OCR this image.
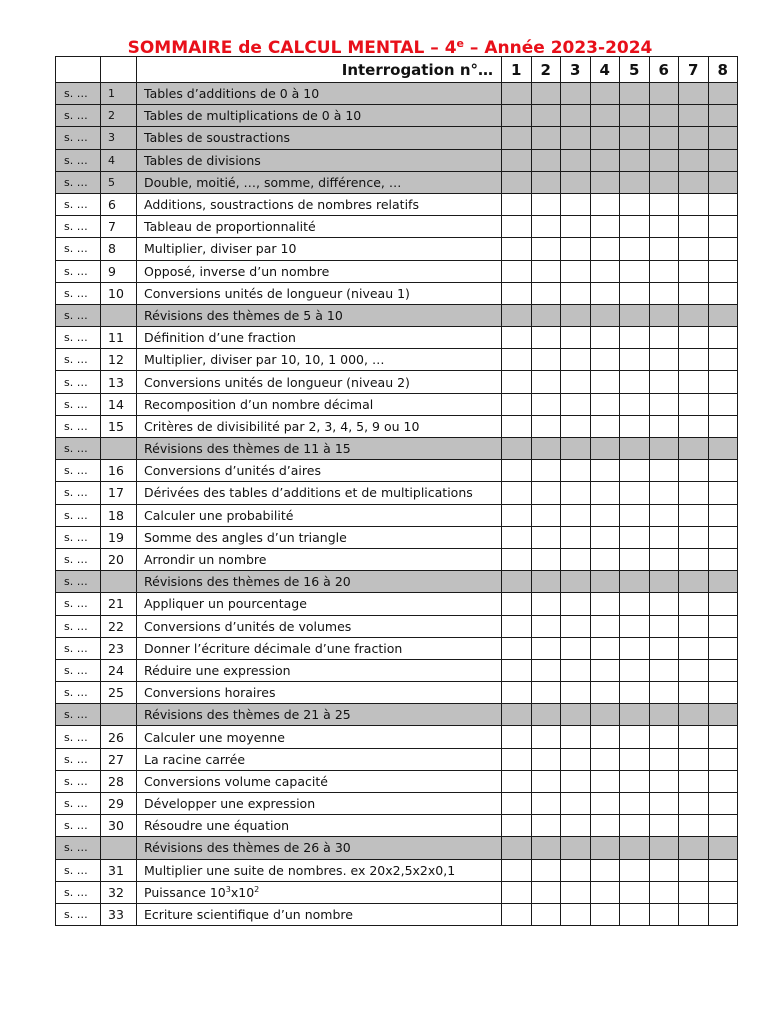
SOMMAIRE de CALCUL MENTAL – 4e – Année 2023-2024
		Interrogation n°…	1	2	3	4	5	6	7	8
s. …	1	Tables d’additions de 0 à 10								
s. …	2	Tables de multiplications de 0 à 10								
s. …	3	Tables de soustractions								
s. …	4	Tables de divisions								
s. …	5	Double, moitié, …, somme, différence, …								
s. …	6	Additions, soustractions de nombres relatifs								
s. …	7	Tableau de proportionnalité								
s. …	8	Multiplier, diviser par 10								
s. …	9	Opposé, inverse d’un nombre								
s. …	10	Conversions unités de longueur (niveau 1)								
s. …		Révisions des thèmes de 5 à 10								
s. …	11	Définition d’une fraction								
s. …	12	Multiplier, diviser par 10, 10, 1 000, …								
s. …	13	Conversions unités de longueur (niveau 2)								
s. …	14	Recomposition d’un nombre décimal								
s. …	15	Critères de divisibilité par 2, 3, 4, 5, 9 ou 10								
s. …		Révisions des thèmes de 11 à 15								
s. …	16	Conversions d’unités d’aires								
s. …	17	Dérivées des tables d’additions et de multiplications								
s. …	18	Calculer une probabilité								
s. …	19	Somme des angles d’un triangle								
s. …	20	Arrondir un nombre								
s. …		Révisions des thèmes de 16 à 20								
s. …	21	Appliquer un pourcentage								
s. …	22	Conversions d’unités de volumes								
s. …	23	Donner l’écriture décimale d’une fraction								
s. …	24	Réduire une expression								
s. …	25	Conversions horaires								
s. …		Révisions des thèmes de 21 à 25								
s. …	26	Calculer une moyenne								
s. …	27	La racine carrée								
s. …	28	Conversions volume capacité								
s. …	29	Développer une expression								
s. …	30	Résoudre une équation								
s. …		Révisions des thèmes de 26 à 30								
s. …	31	Multiplier une suite de nombres. ex 20x2,5x2x0,1								
s. …	32	Puissance $10^3x10^2$								
s. …	33	Ecriture scientifique d’un nombre								
